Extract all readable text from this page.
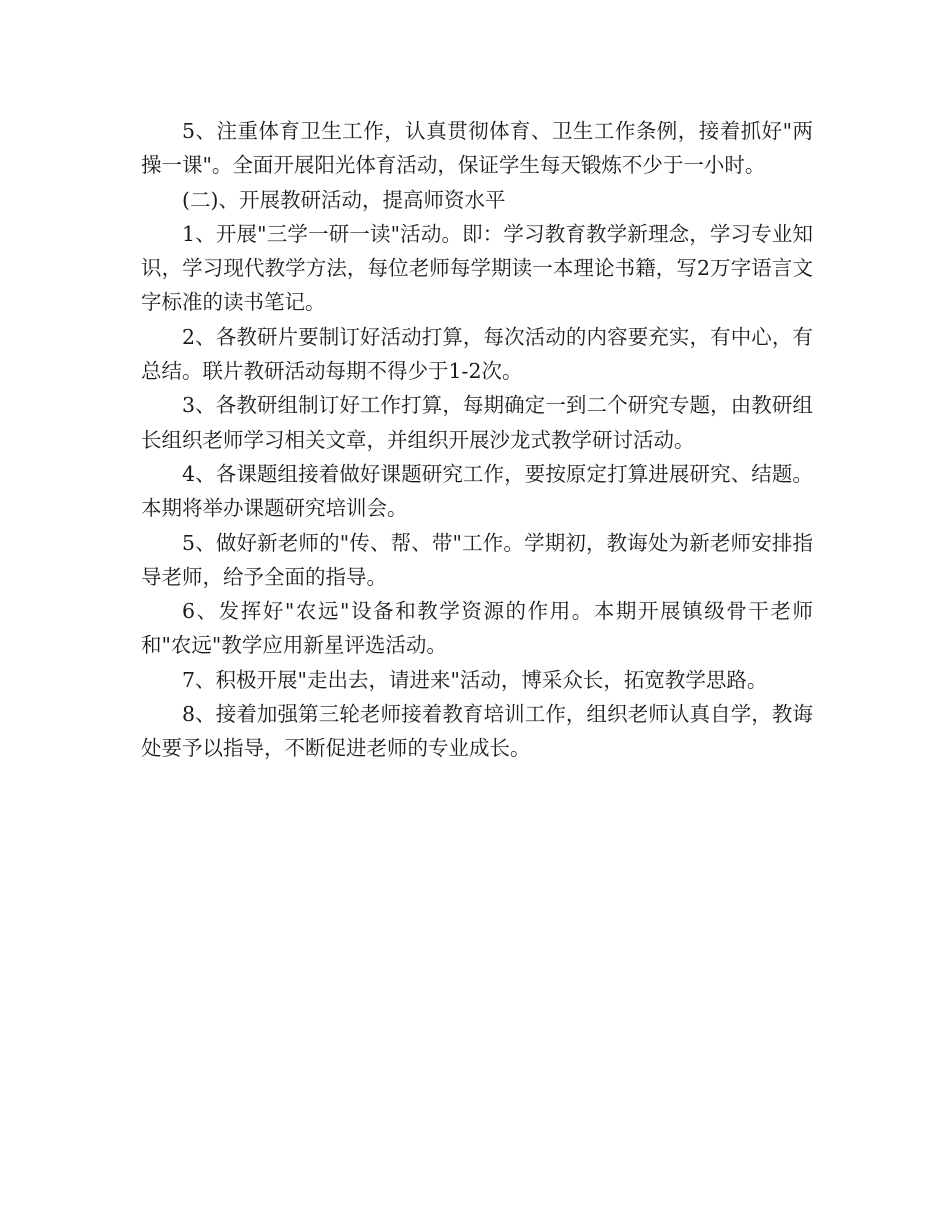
5、注重体育卫生工作，认真贯彻体育、卫生工作条例，接着抓好"两操一课"。全面开展阳光体育活动，保证学生每天锻炼不少于一小时。

(二)、开展教研活动，提高师资水平

1、开展"三学一研一读"活动。即：学习教育教学新理念，学习专业知识，学习现代教学方法，每位老师每学期读一本理论书籍，写2万字语言文字标准的读书笔记。

2、各教研片要制订好活动打算，每次活动的内容要充实，有中心，有总结。联片教研活动每期不得少于1-2次。

3、各教研组制订好工作打算，每期确定一到二个研究专题，由教研组长组织老师学习相关文章，并组织开展沙龙式教学研讨活动。

4、各课题组接着做好课题研究工作，要按原定打算进展研究、结题。本期将举办课题研究培训会。

5、做好新老师的"传、帮、带"工作。学期初，教诲处为新老师安排指导老师，给予全面的指导。

6、发挥好"农远"设备和教学资源的作用。本期开展镇级骨干老师和"农远"教学应用新星评选活动。

7、积极开展"走出去，请进来"活动，博采众长，拓宽教学思路。

8、接着加强第三轮老师接着教育培训工作，组织老师认真自学，教诲处要予以指导，不断促进老师的专业成长。
